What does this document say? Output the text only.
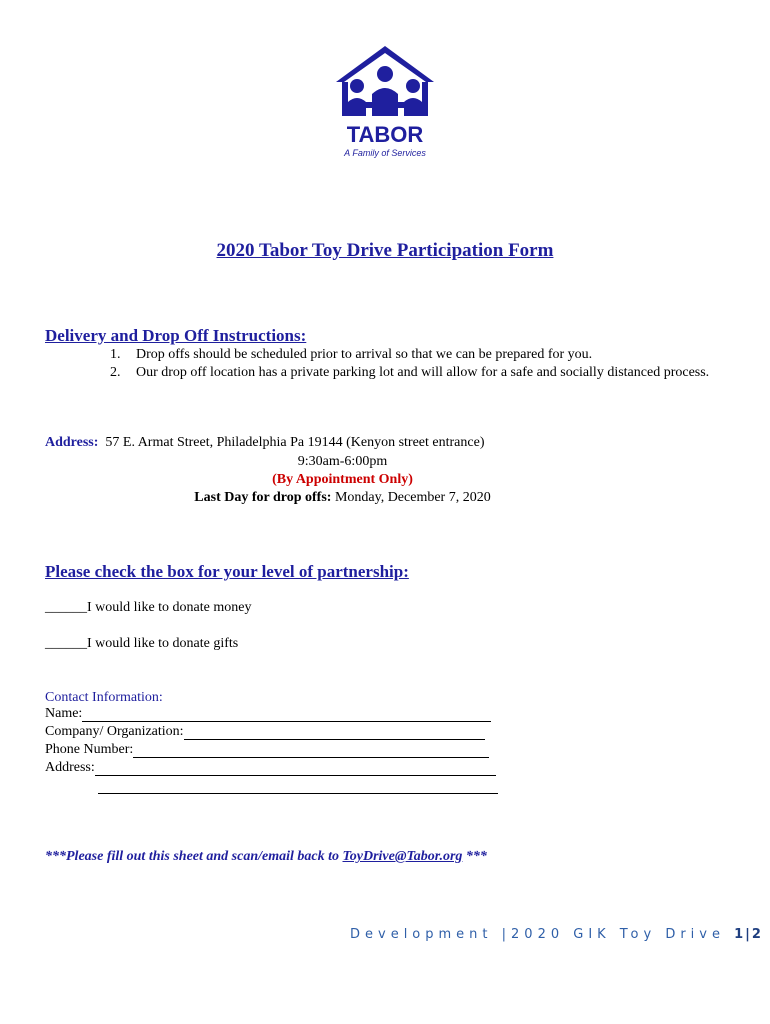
TABOR
A Family of Services
2020 Tabor Toy Drive Participation Form
Delivery and Drop Off Instructions:
1.	Drop offs should be scheduled prior to arrival so that we can be prepared for you.
2.	Our drop off location has a private parking lot and will allow for a safe and socially distanced process.
Address: 57 E. Armat Street, Philadelphia Pa 19144 (Kenyon street entrance)
9:30am-6:00pm
(By Appointment Only)
Last Day for drop offs: Monday, December 7, 2020
Please check the box for your level of partnership:
______I would like to donate money
______I would like to donate gifts
Contact Information:
Name:
Company/ Organization:
Phone Number:
Address:
***Please fill out this sheet and scan/email back to ToyDrive@Tabor.org ***
Development |2020 GIK Toy Drive 1|2
